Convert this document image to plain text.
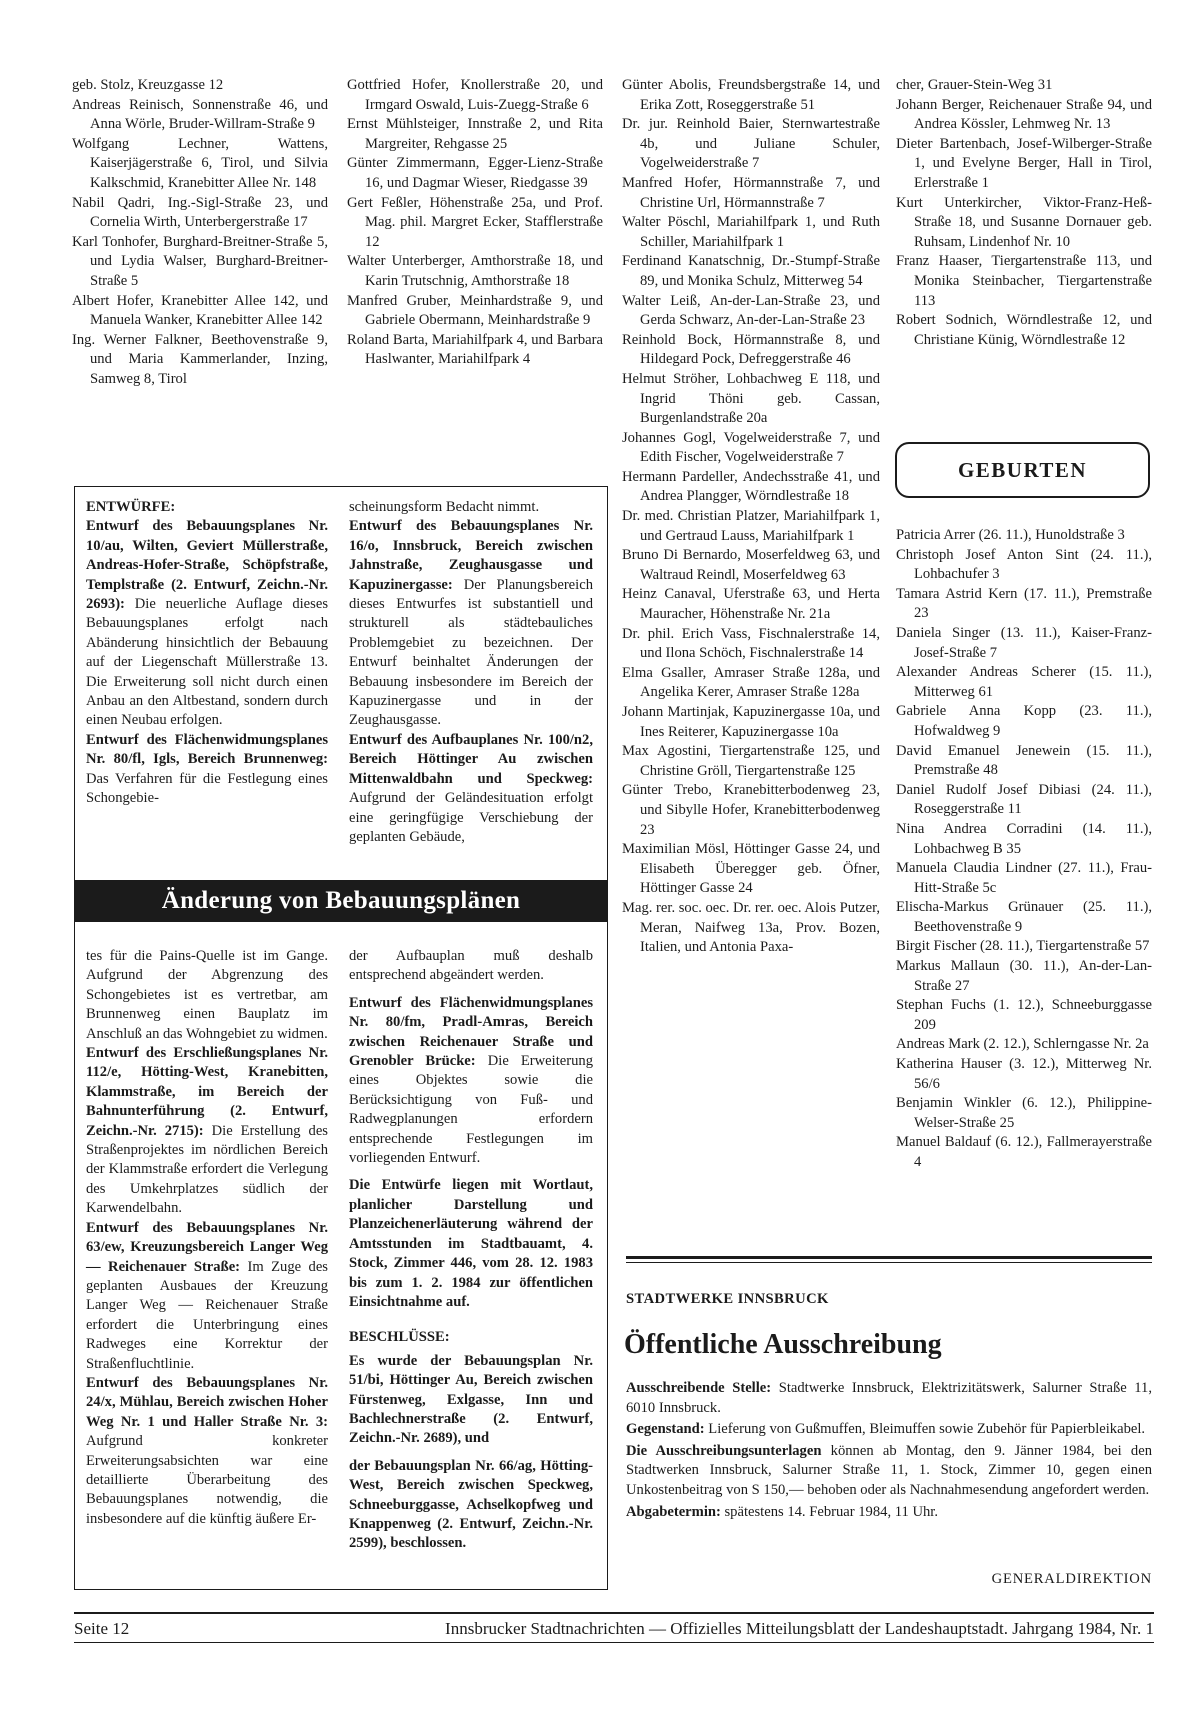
geb. Stolz, Kreuzgasse 12

Andreas Reinisch, Sonnenstraße 46, und Anna Wörle, Bruder-Willram-Straße 9

Wolfgang Lechner, Wattens, Kaiserjägerstraße 6, Tirol, und Silvia Kalkschmid, Kranebitter Allee Nr. 148

Nabil Qadri, Ing.-Sigl-Straße 23, und Cornelia Wirth, Unterbergerstraße 17

Karl Tonhofer, Burghard-Breitner-Straße 5, und Lydia Walser, Burghard-Breitner-Straße 5

Albert Hofer, Kranebitter Allee 142, und Manuela Wanker, Kranebitter Allee 142

Ing. Werner Falkner, Beethovenstraße 9, und Maria Kammerlander, Inzing, Samweg 8, Tirol

Gottfried Hofer, Knollerstraße 20, und Irmgard Oswald, Luis-Zuegg-Straße 6

Ernst Mühlsteiger, Innstraße 2, und Rita Margreiter, Rehgasse 25

Günter Zimmermann, Egger-Lienz-Straße 16, und Dagmar Wieser, Riedgasse 39

Gert Feßler, Höhenstraße 25a, und Prof. Mag. phil. Margret Ecker, Stafflerstraße 12

Walter Unterberger, Amthorstraße 18, und Karin Trutschnig, Amthorstraße 18

Manfred Gruber, Meinhardstraße 9, und Gabriele Obermann, Meinhardstraße 9

Roland Barta, Mariahilfpark 4, und Barbara Haslwanter, Mariahilfpark 4

Günter Abolis, Freundsbergstraße 14, und Erika Zott, Roseggerstraße 51

Dr. jur. Reinhold Baier, Sternwartestraße 4b, und Juliane Schuler, Vogelweiderstraße 7

Manfred Hofer, Hörmannstraße 7, und Christine Url, Hörmannstraße 7

Walter Pöschl, Mariahilfpark 1, und Ruth Schiller, Mariahilfpark 1

Ferdinand Kanatschnig, Dr.-Stumpf-Straße 89, und Monika Schulz, Mitterweg 54

Walter Leiß, An-der-Lan-Straße 23, und Gerda Schwarz, An-der-Lan-Straße 23

Reinhold Bock, Hörmannstraße 8, und Hildegard Pock, Defreggerstraße 46

Helmut Ströher, Lohbachweg E 118, und Ingrid Thöni geb. Cassan, Burgenlandstraße 20a

Johannes Gogl, Vogelweiderstraße 7, und Edith Fischer, Vogelweiderstraße 7

Hermann Pardeller, Andechsstraße 41, und Andrea Plangger, Wörndlestraße 18

Dr. med. Christian Platzer, Mariahilfpark 1, und Gertraud Lauss, Mariahilfpark 1

Bruno Di Bernardo, Moserfeldweg 63, und Waltraud Reindl, Moserfeldweg 63

Heinz Canaval, Uferstraße 63, und Herta Mauracher, Höhenstraße Nr. 21a

Dr. phil. Erich Vass, Fischnalerstraße 14, und Ilona Schöch, Fischnalerstraße 14

Elma Gsaller, Amraser Straße 128a, und Angelika Kerer, Amraser Straße 128a

Johann Martinjak, Kapuzinergasse 10a, und Ines Reiterer, Kapuzinergasse 10a

Max Agostini, Tiergartenstraße 125, und Christine Gröll, Tiergartenstraße 125

Günter Trebo, Kranebitterbodenweg 23, und Sibylle Hofer, Kranebitterbodenweg 23

Maximilian Mösl, Höttinger Gasse 24, und Elisabeth Überegger geb. Öfner, Höttinger Gasse 24

Mag. rer. soc. oec. Dr. rer. oec. Alois Putzer, Meran, Naifweg 13a, Prov. Bozen, Italien, und Antonia Paxa-

cher, Grauer-Stein-Weg 31

Johann Berger, Reichenauer Straße 94, und Andrea Kössler, Lehmweg Nr. 13

Dieter Bartenbach, Josef-Wilberger-Straße 1, und Evelyne Berger, Hall in Tirol, Erlerstraße 1

Kurt Unterkircher, Viktor-Franz-Heß-Straße 18, und Susanne Dornauer geb. Ruhsam, Lindenhof Nr. 10

Franz Haaser, Tiergartenstraße 113, und Monika Steinbacher, Tiergartenstraße 113

Robert Sodnich, Wörndlestraße 12, und Christiane Künig, Wörndlestraße 12

GEBURTEN

Patricia Arrer (26. 11.), Hunoldstraße 3

Christoph Josef Anton Sint (24. 11.), Lohbachufer 3

Tamara Astrid Kern (17. 11.), Premstraße 23

Daniela Singer (13. 11.), Kaiser-Franz-Josef-Straße 7

Alexander Andreas Scherer (15. 11.), Mitterweg 61

Gabriele Anna Kopp (23. 11.), Hofwaldweg 9

David Emanuel Jenewein (15. 11.), Premstraße 48

Daniel Rudolf Josef Dibiasi (24. 11.), Roseggerstraße 11

Nina Andrea Corradini (14. 11.), Lohbachweg B 35

Manuela Claudia Lindner (27. 11.), Frau-Hitt-Straße 5c

Elischa-Markus Grünauer (25. 11.), Beethovenstraße 9

Birgit Fischer (28. 11.), Tiergartenstraße 57

Markus Mallaun (30. 11.), An-der-Lan-Straße 27

Stephan Fuchs (1. 12.), Schneeburggasse 209

Andreas Mark (2. 12.), Schlerngasse Nr. 2a

Katherina Hauser (3. 12.), Mitterweg Nr. 56/6

Benjamin Winkler (6. 12.), Philippine-Welser-Straße 25

Manuel Baldauf (6. 12.), Fallmerayerstraße 4

ENTWÜRFE:

Entwurf des Bebauungsplanes Nr. 10/au, Wilten, Geviert Müllerstraße, Andreas-Hofer-Straße, Schöpfstraße, Templstraße (2. Entwurf, Zeichn.-Nr. 2693): Die neuerliche Auflage dieses Bebauungsplanes erfolgt nach Abänderung hinsichtlich der Bebauung auf der Liegenschaft Müllerstraße 13. Die Erweiterung soll nicht durch einen Anbau an den Altbestand, sondern durch einen Neubau erfolgen.

Entwurf des Flächenwidmungsplanes Nr. 80/fl, Igls, Bereich Brunnenweg: Das Verfahren für die Festlegung eines Schongebie-

scheinungsform Bedacht nimmt.

Entwurf des Bebauungsplanes Nr. 16/o, Innsbruck, Bereich zwischen Jahnstraße, Zeughausgasse und Kapuzinergasse: Der Planungsbereich dieses Entwurfes ist substantiell und strukturell als städtebauliches Problemgebiet zu bezeichnen. Der Entwurf beinhaltet Änderungen der Bebauung insbesondere im Bereich der Kapuzinergasse und in der Zeughausgasse.

Entwurf des Aufbauplanes Nr. 100/n2, Bereich Höttinger Au zwischen Mittenwaldbahn und Speckweg: Aufgrund der Geländesituation erfolgt eine geringfügige Verschiebung der geplanten Gebäude,

Änderung von Bebauungsplänen

tes für die Pains-Quelle ist im Gange. Aufgrund der Abgrenzung des Schongebietes ist es vertretbar, am Brunnenweg einen Bauplatz im Anschluß an das Wohngebiet zu widmen.

Entwurf des Erschließungsplanes Nr. 112/e, Hötting-West, Kranebitten, Klammstraße, im Bereich der Bahnunterführung (2. Entwurf, Zeichn.-Nr. 2715): Die Erstellung des Straßenprojektes im nördlichen Bereich der Klammstraße erfordert die Verlegung des Umkehrplatzes südlich der Karwendelbahn.

Entwurf des Bebauungsplanes Nr. 63/ew, Kreuzungsbereich Langer Weg — Reichenauer Straße: Im Zuge des geplanten Ausbaues der Kreuzung Langer Weg — Reichenauer Straße erfordert die Unterbringung eines Radweges eine Korrektur der Straßenfluchtlinie.

Entwurf des Bebauungsplanes Nr. 24/x, Mühlau, Bereich zwischen Hoher Weg Nr. 1 und Haller Straße Nr. 3: Aufgrund konkreter Erweiterungsabsichten war eine detaillierte Überarbeitung des Bebauungsplanes notwendig, die insbesondere auf die künftig äußere Er-

der Aufbauplan muß deshalb entsprechend abgeändert werden.

Entwurf des Flächenwidmungsplanes Nr. 80/fm, Pradl-Amras, Bereich zwischen Reichenauer Straße und Grenobler Brücke: Die Erweiterung eines Objektes sowie die Berücksichtigung von Fuß- und Radwegplanungen erfordern entsprechende Festlegungen im vorliegenden Entwurf.

Die Entwürfe liegen mit Wortlaut, planlicher Darstellung und Planzeichenerläuterung während der Amtsstunden im Stadtbauamt, 4. Stock, Zimmer 446, vom 28. 12. 1983 bis zum 1. 2. 1984 zur öffentlichen Einsichtnahme auf.

BESCHLÜSSE:

Es wurde der Bebauungsplan Nr. 51/bi, Höttinger Au, Bereich zwischen Fürstenweg, Exlgasse, Inn und Bachlechnerstraße (2. Entwurf, Zeichn.-Nr. 2689), und

der Bebauungsplan Nr. 66/ag, Hötting-West, Bereich zwischen Speckweg, Schneeburggasse, Achselkopfweg und Knappenweg (2. Entwurf, Zeichn.-Nr. 2599), beschlossen.

STADTWERKE INNSBRUCK
Öffentliche Ausschreibung

Ausschreibende Stelle: Stadtwerke Innsbruck, Elektrizitätswerk, Salurner Straße 11, 6010 Innsbruck.

Gegenstand: Lieferung von Gußmuffen, Bleimuffen sowie Zubehör für Papierbleikabel.

Die Ausschreibungsunterlagen können ab Montag, den 9. Jänner 1984, bei den Stadtwerken Innsbruck, Salurner Straße 11, 1. Stock, Zimmer 10, gegen einen Unkostenbeitrag von S 150,— behoben oder als Nachnahmesendung angefordert werden.

Abgabetermin: spätestens 14. Februar 1984, 11 Uhr.

GENERALDIREKTION
Seite 12	Innsbrucker Stadtnachrichten — Offizielles Mitteilungsblatt der Landeshauptstadt. Jahrgang 1984, Nr. 1
